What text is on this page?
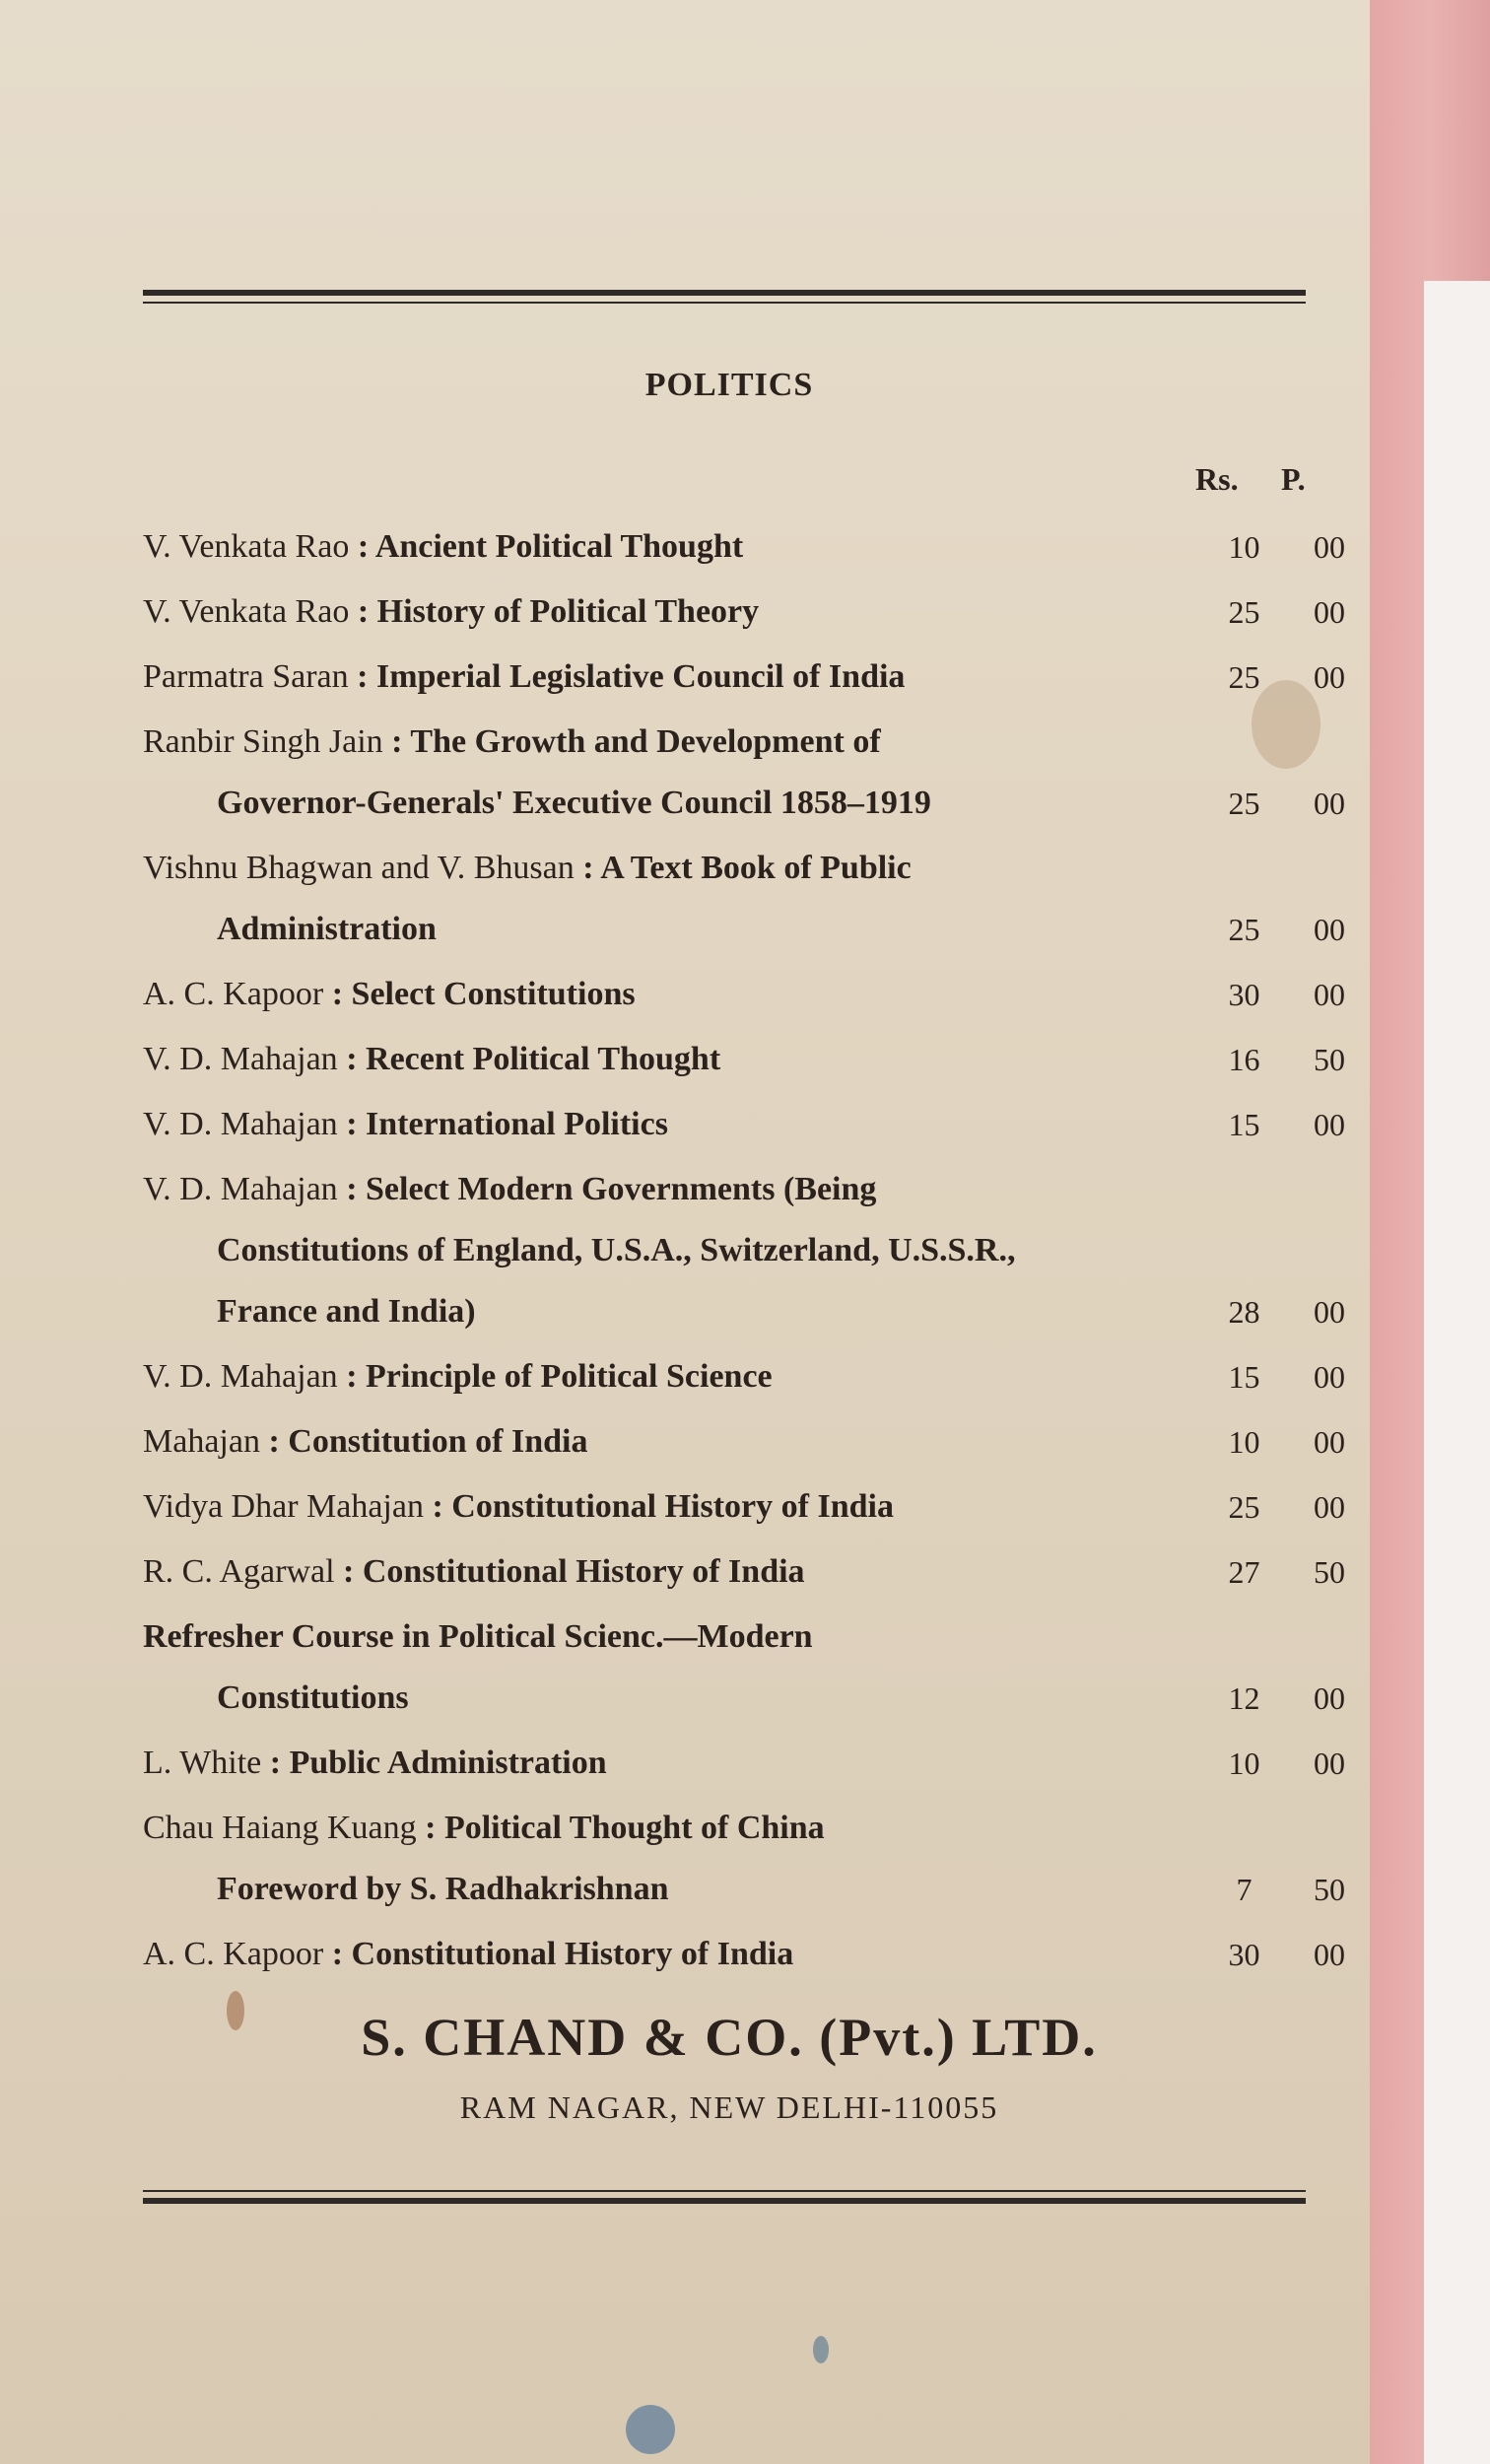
POLITICS
Rs. P.
V. Venkata Rao : Ancient Political Thought	10	00
V. Venkata Rao : History of Political Theory	25	00
Parmatra Saran : Imperial Legislative Council of India	25	00
Ranbir Singh Jain : The Growth and Development of
Governor-Generals' Executive Council 1858–1919	25	00
Vishnu Bhagwan and V. Bhusan : A Text Book of Public
Administration	25	00
A. C. Kapoor : Select Constitutions	30	00
V. D. Mahajan : Recent Political Thought	16	50
V. D. Mahajan : International Politics	15	00
V. D. Mahajan : Select Modern Governments (Being
Constitutions of England, U.S.A., Switzerland, U.S.S.R.,
France and India)	28	00
V. D. Mahajan : Principle of Political Science	15	00
Mahajan : Constitution of India	10	00
Vidya Dhar Mahajan : Constitutional History of India	25	00
R. C. Agarwal : Constitutional History of India	27	50
Refresher Course in Political Scienc.—Modern
Constitutions	12	00
L. White : Public Administration	10	00
Chau Haiang Kuang : Political Thought of China
Foreword by S. Radhakrishnan	7	50
A. C. Kapoor : Constitutional History of India	30	00
S. CHAND & CO. (Pvt.) LTD.
RAM NAGAR, NEW DELHI-110055
